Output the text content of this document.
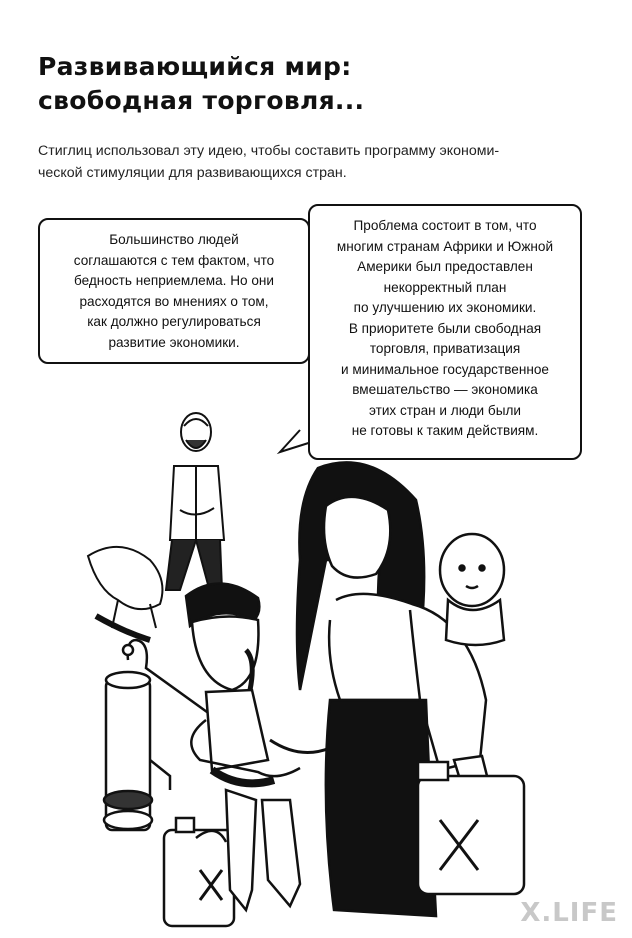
Развивающийся мир:
свободная торговля...
Стиглиц использовал эту идею, чтобы составить программу экономи-
ческой стимуляции для развивающихся стран.
Большинство людей
соглашаются с тем фактом, что
бедность неприемлема. Но они
расходятся во мнениях о том,
как должно регулироваться
развитие экономики.
Проблема состоит в том, что
многим странам Африки и Южной
Америки был предоставлен
некорректный план
по улучшению их экономики.
В приоритете были свободная
торговля, приватизация
и минимальное государственное
вмешательство — экономика
этих стран и люди были
не готовы к таким действиям.
X.LIFE
